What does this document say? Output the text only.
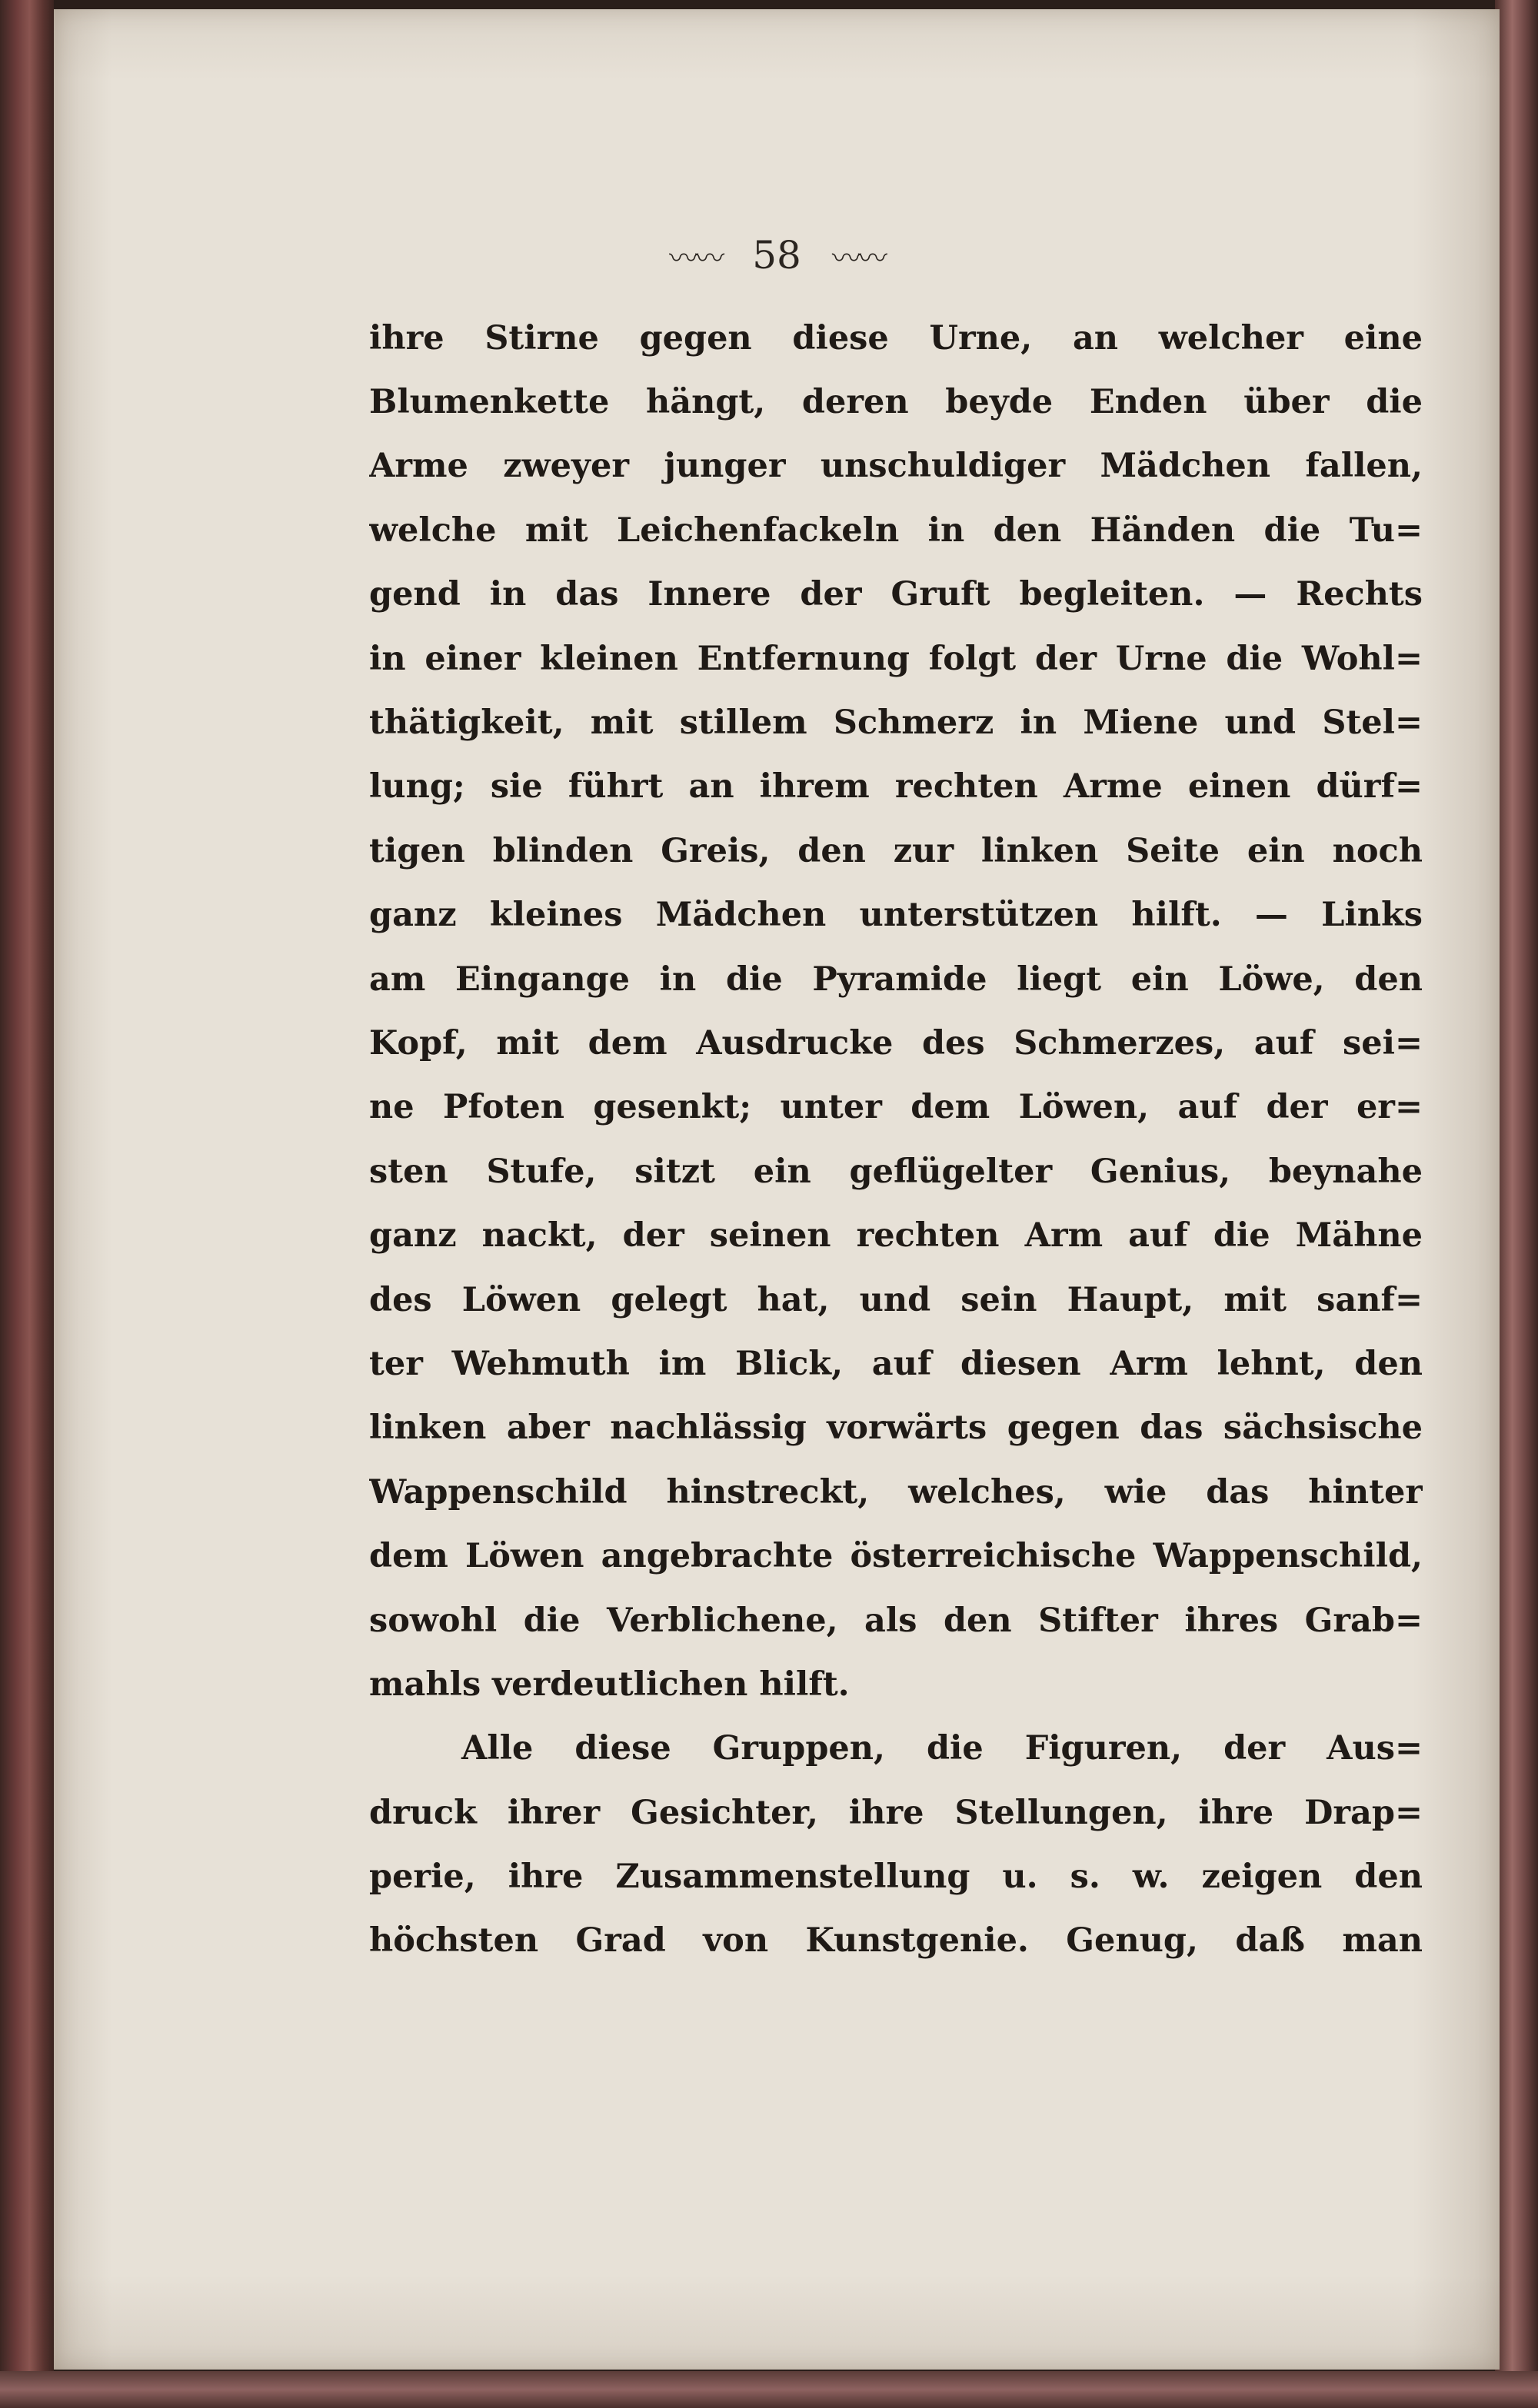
〰〰 58 〰〰
ihre Stirne gegen diese Urne, an welcher eine
Blumenkette hängt, deren beyde Enden über die
Arme zweyer junger unschuldiger Mädchen fallen,
welche mit Leichenfackeln in den Händen die Tu=
gend in das Innere der Gruft begleiten. — Rechts
in einer kleinen Entfernung folgt der Urne die Wohl=
thätigkeit, mit stillem Schmerz in Miene und Stel=
lung; sie führt an ihrem rechten Arme einen dürf=
tigen blinden Greis, den zur linken Seite ein noch
ganz kleines Mädchen unterstützen hilft. — Links
am Eingange in die Pyramide liegt ein Löwe, den
Kopf, mit dem Ausdrucke des Schmerzes, auf sei=
ne Pfoten gesenkt; unter dem Löwen, auf der er=
sten Stufe, sitzt ein geflügelter Genius, beynahe
ganz nackt, der seinen rechten Arm auf die Mähne
des Löwen gelegt hat, und sein Haupt, mit sanf=
ter Wehmuth im Blick, auf diesen Arm lehnt, den
linken aber nachlässig vorwärts gegen das sächsische
Wappenschild hinstreckt, welches, wie das hinter
dem Löwen angebrachte österreichische Wappenschild,
sowohl die Verblichene, als den Stifter ihres Grab=
mahls verdeutlichen hilft.
Alle diese Gruppen, die Figuren, der Aus=
druck ihrer Gesichter, ihre Stellungen, ihre Drap=
perie, ihre Zusammenstellung u. s. w. zeigen den
höchsten Grad von Kunstgenie. Genug, daß man
